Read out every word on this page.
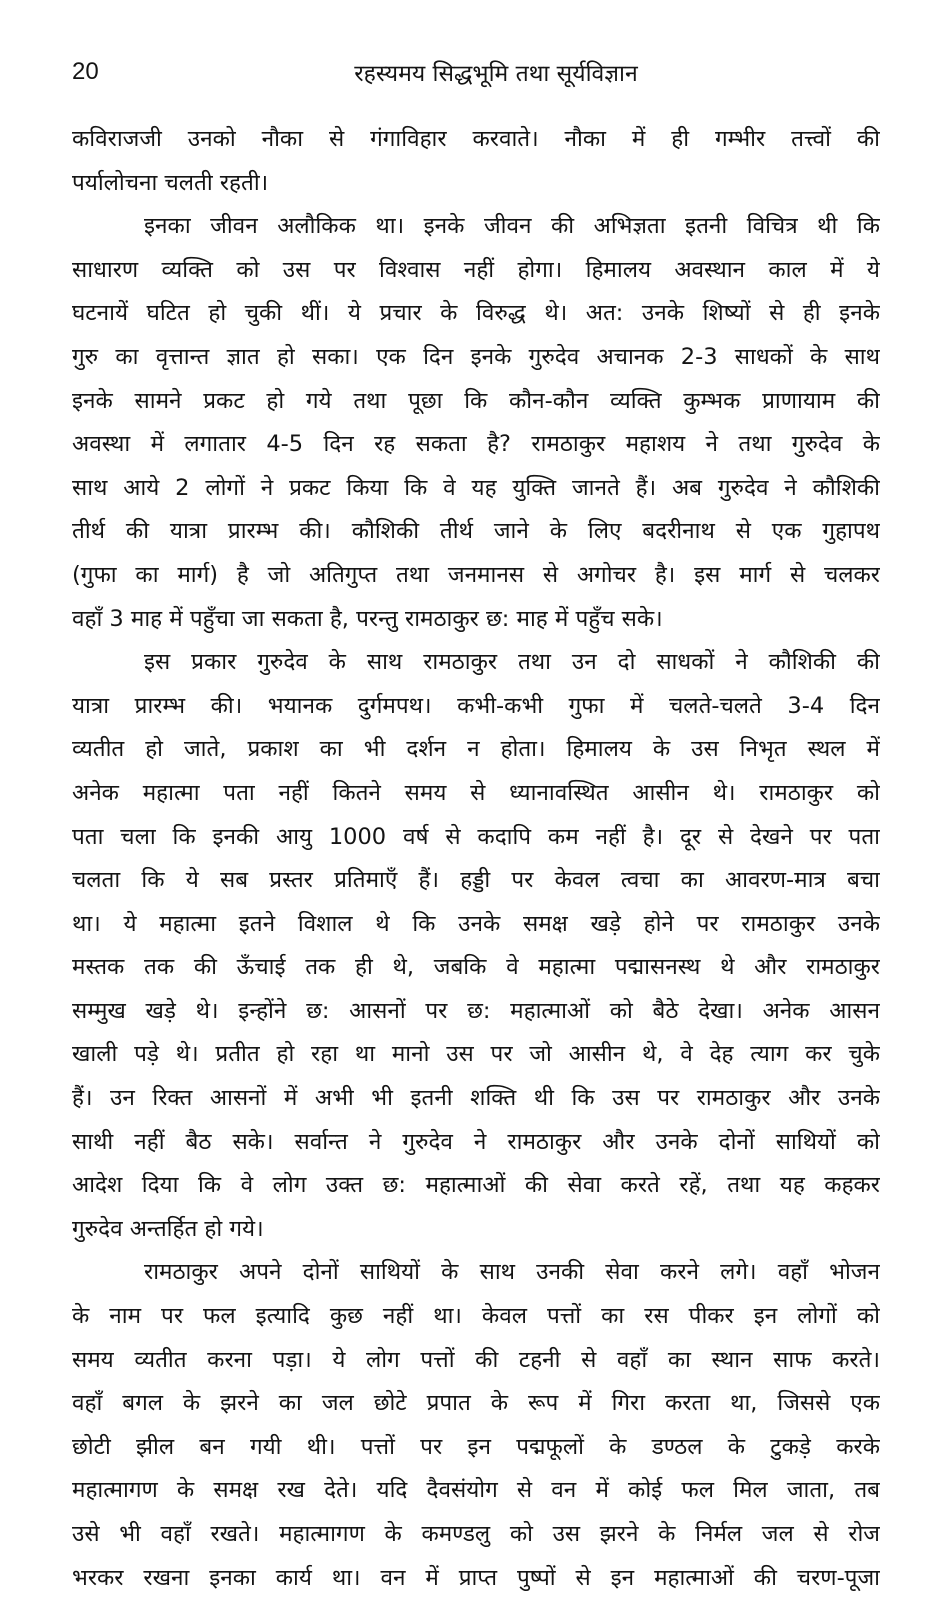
20	रहस्यमय सिद्धभूमि तथा सूर्यविज्ञान
कविराजजी उनको नौका से गंगाविहार करवाते। नौका में ही गम्भीर तत्त्वों की
पर्यालोचना चलती रहती।
इनका जीवन अलौकिक था। इनके जीवन की अभिज्ञता इतनी विचित्र थी कि
साधारण व्यक्ति को उस पर विश्वास नहीं होगा। हिमालय अवस्थान काल में ये
घटनायें घटित हो चुकी थीं। ये प्रचार के विरुद्ध थे। अत: उनके शिष्यों से ही इनके
गुरु का वृत्तान्त ज्ञात हो सका। एक दिन इनके गुरुदेव अचानक 2-3 साधकों के साथ
इनके सामने प्रकट हो गये तथा पूछा कि कौन-कौन व्यक्ति कुम्भक प्राणायाम की
अवस्था में लगातार 4-5 दिन रह सकता है? रामठाकुर महाशय ने तथा गुरुदेव के
साथ आये 2 लोगों ने प्रकट किया कि वे यह युक्ति जानते हैं। अब गुरुदेव ने कौशिकी
तीर्थ की यात्रा प्रारम्भ की। कौशिकी तीर्थ जाने के लिए बदरीनाथ से एक गुहापथ
(गुफा का मार्ग) है जो अतिगुप्त तथा जनमानस से अगोचर है। इस मार्ग से चलकर
वहाँ 3 माह में पहुँचा जा सकता है, परन्तु रामठाकुर छ: माह में पहुँच सके।
इस प्रकार गुरुदेव के साथ रामठाकुर तथा उन दो साधकों ने कौशिकी की
यात्रा प्रारम्भ की। भयानक दुर्गमपथ। कभी-कभी गुफा में चलते-चलते 3-4 दिन
व्यतीत हो जाते, प्रकाश का भी दर्शन न होता। हिमालय के उस निभृत स्थल में
अनेक महात्मा पता नहीं कितने समय से ध्यानावस्थित आसीन थे। रामठाकुर को
पता चला कि इनकी आयु 1000 वर्ष से कदापि कम नहीं है। दूर से देखने पर पता
चलता कि ये सब प्रस्तर प्रतिमाएँ हैं। हड्डी पर केवल त्वचा का आवरण-मात्र बचा
था। ये महात्मा इतने विशाल थे कि उनके समक्ष खड़े होने पर रामठाकुर उनके
मस्तक तक की ऊँचाई तक ही थे, जबकि वे महात्मा पद्मासनस्थ थे और रामठाकुर
सम्मुख खड़े थे। इन्होंने छ: आसनों पर छ: महात्माओं को बैठे देखा। अनेक आसन
खाली पड़े थे। प्रतीत हो रहा था मानो उस पर जो आसीन थे, वे देह त्याग कर चुके
हैं। उन रिक्त आसनों में अभी भी इतनी शक्ति थी कि उस पर रामठाकुर और उनके
साथी नहीं बैठ सके। सर्वान्त ने गुरुदेव ने रामठाकुर और उनके दोनों साथियों को
आदेश दिया कि वे लोग उक्त छ: महात्माओं की सेवा करते रहें, तथा यह कहकर
गुरुदेव अन्तर्हित हो गये।
रामठाकुर अपने दोनों साथियों के साथ उनकी सेवा करने लगे। वहाँ भोजन
के नाम पर फल इत्यादि कुछ नहीं था। केवल पत्तों का रस पीकर इन लोगों को
समय व्यतीत करना पड़ा। ये लोग पत्तों की टहनी से वहाँ का स्थान साफ करते।
वहाँ बगल के झरने का जल छोटे प्रपात के रूप में गिरा करता था, जिससे एक
छोटी झील बन गयी थी। पत्तों पर इन पद्मफूलों के डण्ठल के टुकड़े करके
महात्मागण के समक्ष रख देते। यदि दैवसंयोग से वन में कोई फल मिल जाता, तब
उसे भी वहाँ रखते। महात्मागण के कमण्डलु को उस झरने के निर्मल जल से रोज
भरकर रखना इनका कार्य था। वन में प्राप्त पुष्पों से इन महात्माओं की चरण-पूजा
